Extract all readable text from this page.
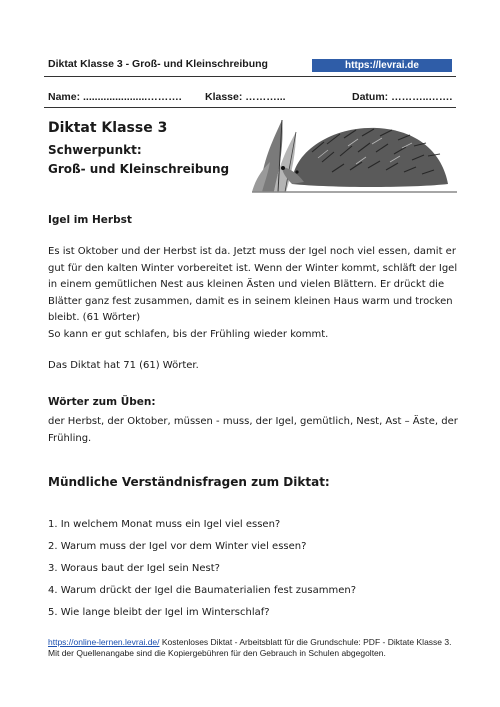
Diktat Klasse 3 - Groß- und Kleinschreibung	https://levrai.de
Name: ......................………. Klasse: ………...	Datum: ………..…….
Diktat Klasse 3
Schwerpunkt:
Groß- und Kleinschreibung
Igel im Herbst
Es ist Oktober und der Herbst ist da. Jetzt muss der Igel noch viel essen, damit er
gut für den kalten Winter vorbereitet ist. Wenn der Winter kommt, schläft der Igel
in einem gemütlichen Nest aus kleinen Ästen und vielen Blättern. Er drückt die
Blätter ganz fest zusammen, damit es in seinem kleinen Haus warm und trocken
bleibt. (61 Wörter)
So kann er gut schlafen, bis der Frühling wieder kommt.
Das Diktat hat 71 (61) Wörter.
Wörter zum Üben:
der Herbst, der Oktober, müssen - muss, der Igel, gemütlich, Nest, Ast – Äste, der
Frühling.
Mündliche Verständnisfragen zum Diktat:
1. In welchem Monat muss ein Igel viel essen?
2. Warum muss der Igel vor dem Winter viel essen?
3. Woraus baut der Igel sein Nest?
4. Warum drückt der Igel die Baumaterialien fest zusammen?
5. Wie lange bleibt der Igel im Winterschlaf?
https://online-lernen.levrai.de/ Kostenloses Diktat - Arbeitsblatt für die Grundschule: PDF - Diktate Klasse 3.
Mit der Quellenangabe sind die Kopiergebühren für den Gebrauch in Schulen abgegolten.
